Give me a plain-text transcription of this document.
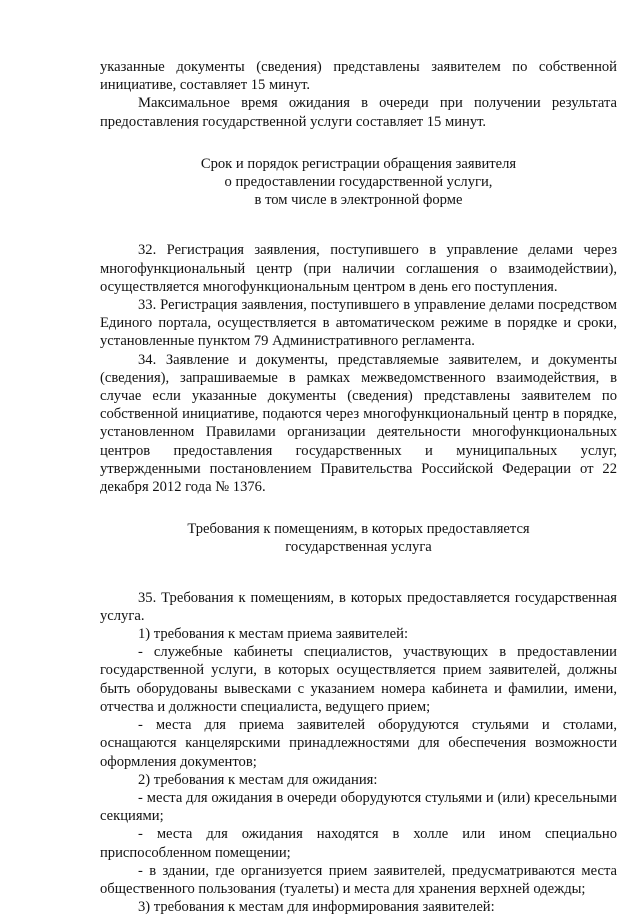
указанные документы (сведения) представлены заявителем по собственной инициативе, составляет 15 минут.

Максимальное время ожидания в очереди при получении результата предоставления государственной услуги составляет 15 минут.

Срок и порядок регистрации обращения заявителя

о предоставлении государственной услуги,

в том числе в электронной форме

32. Регистрация заявления, поступившего в управление делами через многофункциональный центр (при наличии соглашения о взаимодействии), осуществляется многофункциональным центром в день его поступления.

33. Регистрация заявления, поступившего в управление делами посредством Единого портала, осуществляется в автоматическом режиме в порядке и сроки, установленные пунктом 79 Административного регламента.

34. Заявление и документы, представляемые заявителем, и документы (сведения), запрашиваемые в рамках межведомственного взаимодействия, в случае если указанные документы (сведения) представлены заявителем по собственной инициативе, подаются через многофункциональный центр в порядке, установленном Правилами организации деятельности многофункциональных центров предоставления государственных и муниципальных услуг, утвержденными постановлением Правительства Российской Федерации от 22 декабря 2012 года № 1376.

Требования к помещениям, в которых предоставляется

государственная услуга

35. Требования к помещениям, в которых предоставляется государственная услуга.

1) требования к местам приема заявителей:

- служебные кабинеты специалистов, участвующих в предоставлении государственной услуги, в которых осуществляется прием заявителей, должны быть оборудованы вывесками с указанием номера кабинета и фамилии, имени, отчества и должности специалиста, ведущего прием;

- места для приема заявителей оборудуются стульями и столами, оснащаются канцелярскими принадлежностями для обеспечения возможности оформления документов;

2) требования к местам для ожидания:

- места для ожидания в очереди оборудуются стульями и (или) кресельными секциями;

- места для ожидания находятся в холле или ином специально приспособленном помещении;

- в здании, где организуется прием заявителей, предусматриваются места общественного пользования (туалеты) и места для хранения верхней одежды;

3) требования к местам для информирования заявителей:
